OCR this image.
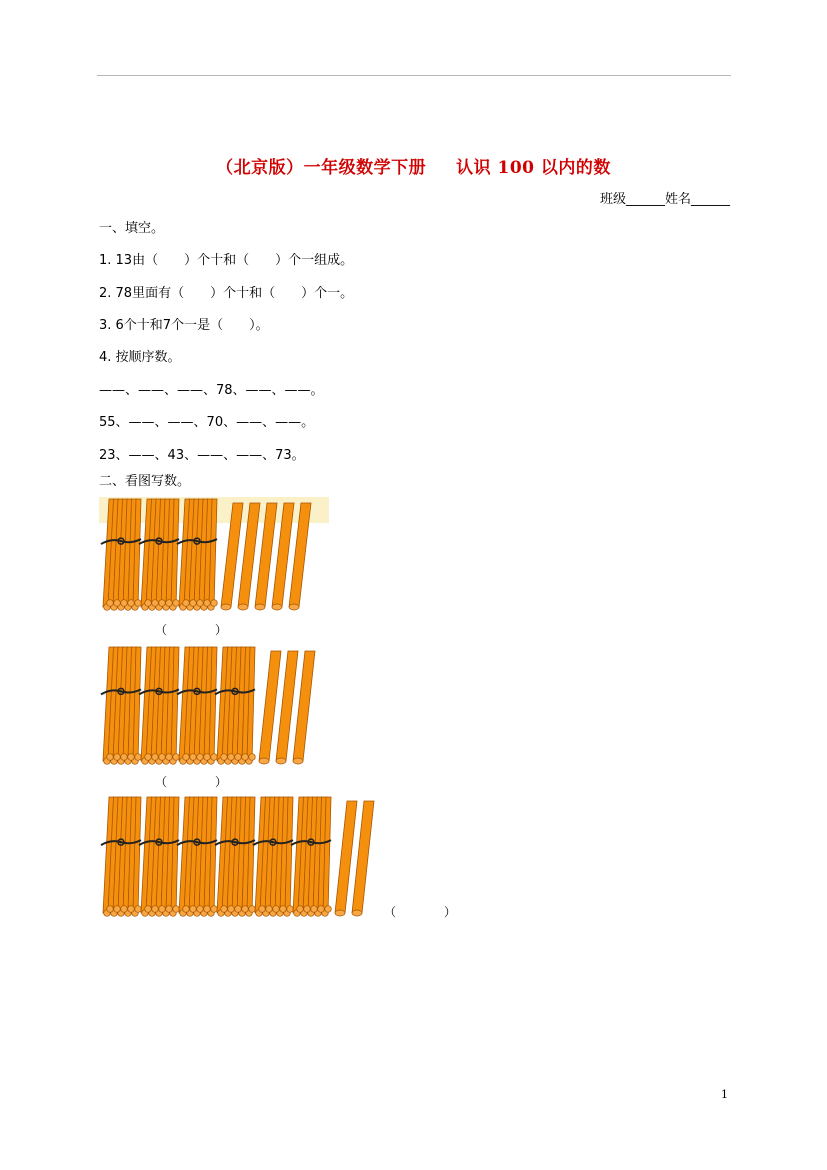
（北京版）一年级数学下册 认识 100 以内的数
班级______姓名______
一、填空。
1. 13由（　　）个十和（　　）个一组成。
2. 78里面有（　　）个十和（　　）个一。
3. 6个十和7个一是（　　）。
4. 按顺序数。
——、——、——、78、——、——。
55、——、——、70、——、——。
23、——、43、——、——、73。
二、看图写数。
（　　　　）
（　　　　）
（　　　　）
1
